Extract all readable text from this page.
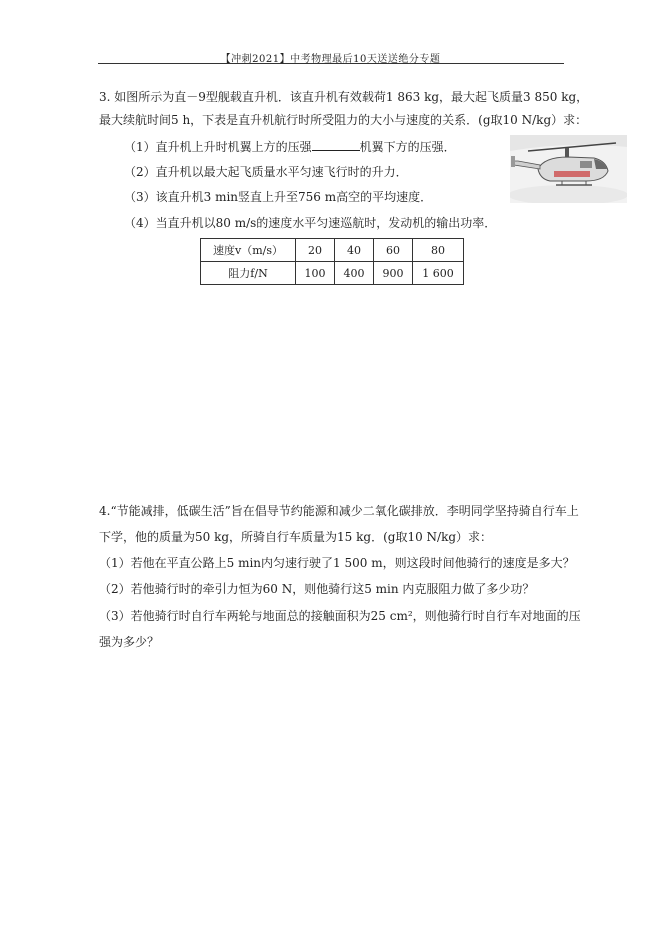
【冲刺2021】中考物理最后10天送送绝分专题
3. 如图所示为直－9型舰载直升机．该直升机有效载荷1 863 kg，最大起飞质量3 850 kg，
最大续航时间5 h，下表是直升机航行时所受阻力的大小与速度的关系．(g取10 N/kg）求：
（1）直升机上升时机翼上方的压强	机翼下方的压强．
（2）直升机以最大起飞质量水平匀速飞行时的升力．
（3）该直升机3 min竖直上升至756 m高空的平均速度．
（4）当直升机以80 m/s的速度水平匀速巡航时，发动机的输出功率．
速度v（m/s）	20	40	60	80
阻力f/N	100	400	900	1 600
4.“节能减排，低碳生活”旨在倡导节约能源和减少二氧化碳排放．李明同学坚持骑自行车上
下学，他的质量为50 kg，所骑自行车质量为15 kg．(g取10 N/kg）求：
（1）若他在平直公路上5 min内匀速行驶了1 500 m，则这段时间他骑行的速度是多大？
（2）若他骑行时的牵引力恒为60 N，则他骑行这5 min 内克服阻力做了多少功？
（3）若他骑行时自行车两轮与地面总的接触面积为25 cm²，则他骑行时自行车对地面的压
强为多少？
